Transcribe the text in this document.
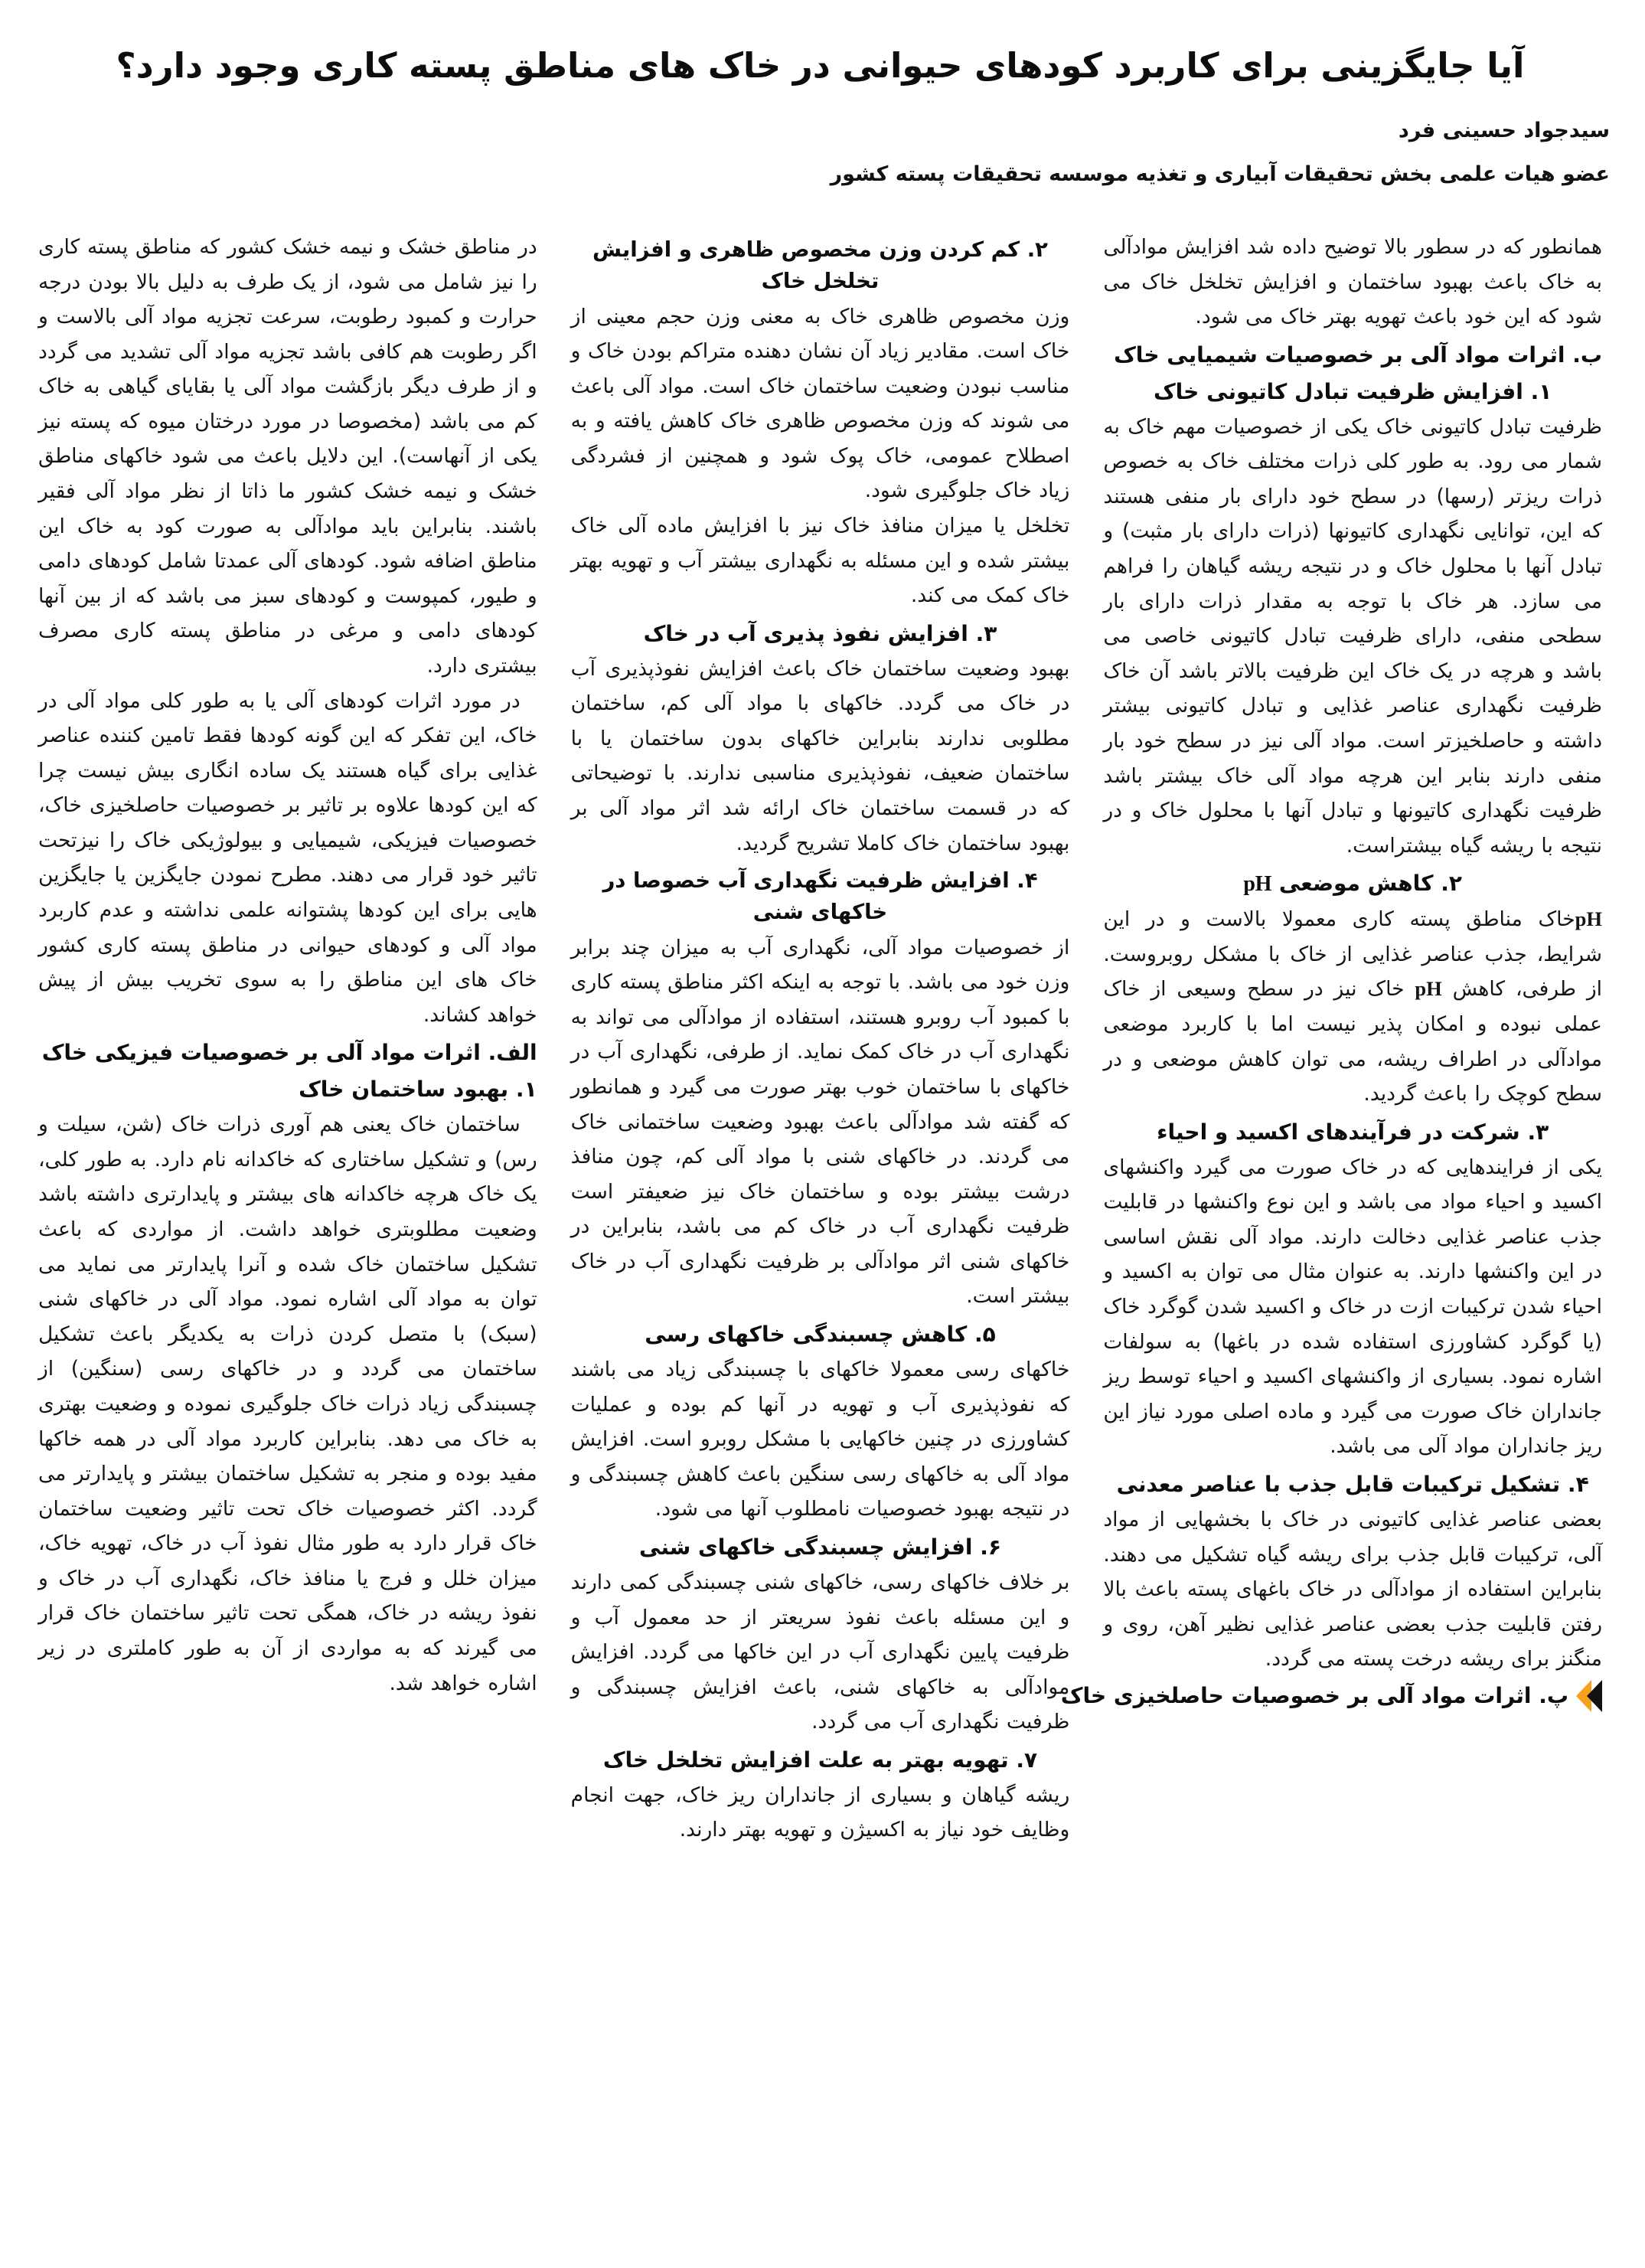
آیا جایگزینی برای کاربرد کودهای حیوانی در خاک های مناطق پسته کاری وجود دارد؟
سیدجواد حسینی فرد
عضو هیات علمی بخش تحقیقات آبیاری و تغذیه موسسه تحقیقات پسته کشور

همانطور که در سطور بالا توضیح داده شد افزایش موادآلی به خاک باعث بهبود ساختمان و افزایش تخلخل خاک می شود که این خود باعث تهویه بهتر خاک می شود.

ب. اثرات مواد آلی بر خصوصیات شیمیایی خاک
۱. افزایش ظرفیت تبادل کاتیونی خاک

ظرفیت تبادل کاتیونی خاک یکی از خصوصیات مهم خاک به شمار می رود. به طور کلی ذرات مختلف خاک به خصوص ذرات ریزتر (رسها) در سطح خود دارای بار منفی هستند که این، توانایی نگهداری کاتیونها (ذرات دارای بار مثبت) و تبادل آنها با محلول خاک و در نتیجه ریشه گیاهان را فراهم می سازد. هر خاک با توجه به مقدار ذرات دارای بار سطحی منفی، دارای ظرفیت تبادل کاتیونی خاصی می باشد و هرچه در یک خاک این ظرفیت بالاتر باشد آن خاک ظرفیت نگهداری عناصر غذایی و تبادل کاتیونی بیشتر داشته و حاصلخیزتر است. مواد آلی نیز در سطح خود بار منفی دارند بنابر این هرچه مواد آلی خاک بیشتر باشد ظرفیت نگهداری کاتیونها و تبادل آنها با محلول خاک و در نتیجه با ریشه گیاه بیشتراست.

۲. کاهش موضعی pH

pHخاک مناطق پسته کاری معمولا بالاست و در این شرایط، جذب عناصر غذایی از خاک با مشکل روبروست. از طرفی، کاهش pH خاک نیز در سطح وسیعی از خاک عملی نبوده و امکان پذیر نیست اما با کاربرد موضعی موادآلی در اطراف ریشه، می توان کاهش موضعی و در سطح کوچک را باعث گردید.

۳. شرکت در فرآیندهای اکسید و احیاء

یکی از فرایندهایی که در خاک صورت می گیرد واکنشهای اکسید و احیاء مواد می باشد و این نوع واکنشها در قابلیت جذب عناصر غذایی دخالت دارند. مواد آلی نقش اساسی در این واکنشها دارند. به عنوان مثال می توان به اکسید و احیاء شدن ترکیبات ازت در خاک و اکسید شدن گوگرد خاک (یا گوگرد کشاورزی استفاده شده در باغها) به سولفات اشاره نمود. بسیاری از واکنشهای اکسید و احیاء توسط ریز جانداران خاک صورت می گیرد و ماده اصلی مورد نیاز این ریز جانداران مواد آلی می باشد.

۴. تشکیل ترکیبات قابل جذب با عناصر معدنی

بعضی عناصر غذایی کاتیونی در خاک با بخشهایی از مواد آلی، ترکیبات قابل جذب برای ریشه گیاه تشکیل می دهند. بنابراین استفاده از موادآلی در خاک باغهای پسته باعث بالا رفتن قابلیت جذب بعضی عناصر غذایی نظیر آهن، روی و منگنز برای ریشه درخت پسته می گردد.

پ. اثرات مواد آلی بر خصوصیات حاصلخیزی خاک
۲. کم کردن وزن مخصوص ظاهری و افزایش تخلخل خاک

وزن مخصوص ظاهری خاک به معنی وزن حجم معینی از خاک است. مقادیر زیاد آن نشان دهنده متراکم بودن خاک و مناسب نبودن وضعیت ساختمان خاک است. مواد آلی باعث می شوند که وزن مخصوص ظاهری خاک کاهش یافته و به اصطلاح عمومی، خاک پوک شود و همچنین از فشردگی زیاد خاک جلوگیری شود.

تخلخل یا میزان منافذ خاک نیز با افزایش ماده آلی خاک بیشتر شده و این مسئله به نگهداری بیشتر آب و تهویه بهتر خاک کمک می کند.

۳. افزایش نفوذ پذیری آب در خاک

بهبود وضعیت ساختمان خاک باعث افزایش نفوذپذیری آب در خاک می گردد. خاکهای با مواد آلی کم، ساختمان مطلوبی ندارند بنابراین خاکهای بدون ساختمان یا با ساختمان ضعیف، نفوذپذیری مناسبی ندارند. با توضیحاتی که در قسمت ساختمان خاک ارائه شد اثر مواد آلی بر بهبود ساختمان خاک کاملا تشریح گردید.

۴. افزایش ظرفیت نگهداری آب خصوصا در خاکهای شنی

از خصوصیات مواد آلی، نگهداری آب به میزان چند برابر وزن خود می باشد. با توجه به اینکه اکثر مناطق پسته کاری با کمبود آب روبرو هستند، استفاده از موادآلی می تواند به نگهداری آب در خاک کمک نماید. از طرفی، نگهداری آب در خاکهای با ساختمان خوب بهتر صورت می گیرد و همانطور که گفته شد موادآلی باعث بهبود وضعیت ساختمانی خاک می گردند. در خاکهای شنی با مواد آلی کم، چون منافذ درشت بیشتر بوده و ساختمان خاک نیز ضعیفتر است ظرفیت نگهداری آب در خاک کم می باشد، بنابراین در خاکهای شنی اثر موادآلی بر ظرفیت نگهداری آب در خاک بیشتر است.

۵. کاهش چسبندگی خاکهای رسی

خاکهای رسی معمولا خاکهای با چسبندگی زیاد می باشند که نفوذپذیری آب و تهویه در آنها کم بوده و عملیات کشاورزی در چنین خاکهایی با مشکل روبرو است. افزایش مواد آلی به خاکهای رسی سنگین باعث کاهش چسبندگی و در نتیجه بهبود خصوصیات نامطلوب آنها می شود.

۶. افزایش چسبندگی خاکهای شنی

بر خلاف خاکهای رسی، خاکهای شنی چسبندگی کمی دارند و این مسئله باعث نفوذ سریعتر از حد معمول آب و ظرفیت پایین نگهداری آب در این خاکها می گردد. افزایش موادآلی به خاکهای شنی، باعث افزایش چسبندگی و ظرفیت نگهداری آب می گردد.

۷. تهویه بهتر به علت افزایش تخلخل خاک

ریشه گیاهان و بسیاری از جانداران ریز خاک، جهت انجام وظایف خود نیاز به اکسیژن و تهویه بهتر دارند.

در مناطق خشک و نیمه خشک کشور که مناطق پسته کاری را نیز شامل می شود، از یک طرف به دلیل بالا بودن درجه حرارت و کمبود رطوبت، سرعت تجزیه مواد آلی بالاست و اگر رطوبت هم کافی باشد تجزیه مواد آلی تشدید می گردد و از طرف دیگر بازگشت مواد آلی یا بقایای گیاهی به خاک کم می باشد (مخصوصا در مورد درختان میوه که پسته نیز یکی از آنهاست). این دلایل باعث می شود خاکهای مناطق خشک و نیمه خشک کشور ما ذاتا از نظر مواد آلی فقیر باشند. بنابراین باید موادآلی به صورت کود به خاک این مناطق اضافه شود. کودهای آلی عمدتا شامل کودهای دامی و طیور، کمپوست و کودهای سبز می باشد که از بین آنها کودهای دامی و مرغی در مناطق پسته کاری مصرف بیشتری دارد.

در مورد اثرات کودهای آلی یا به طور کلی مواد آلی در خاک، این تفکر که این گونه کودها فقط تامین کننده عناصر غذایی برای گیاه هستند یک ساده انگاری بیش نیست چرا که این کودها علاوه بر تاثیر بر خصوصیات حاصلخیزی خاک، خصوصیات فیزیکی، شیمیایی و بیولوژیکی خاک را نیزتحت تاثیر خود قرار می دهند. مطرح نمودن جایگزین یا جایگزین هایی برای این کودها پشتوانه علمی نداشته و عدم کاربرد مواد آلی و کودهای حیوانی در مناطق پسته کاری کشور خاک های این مناطق را به سوی تخریب بیش از پیش خواهد کشاند.

الف. اثرات مواد آلی بر خصوصیات فیزیکی خاک
۱. بهبود ساختمان خاک

ساختمان خاک یعنی هم آوری ذرات خاک (شن، سیلت و رس) و تشکیل ساختاری که خاکدانه نام دارد. به طور کلی، یک خاک هرچه خاکدانه های بیشتر و پایدارتری داشته باشد وضعیت مطلوبتری خواهد داشت. از مواردی که باعث تشکیل ساختمان خاک شده و آنرا پایدارتر می نماید می توان به مواد آلی اشاره نمود. مواد آلی در خاکهای شنی (سبک) با متصل کردن ذرات به یکدیگر باعث تشکیل ساختمان می گردد و در خاکهای رسی (سنگین) از چسبندگی زیاد ذرات خاک جلوگیری نموده و وضعیت بهتری به خاک می دهد. بنابراین کاربرد مواد آلی در همه خاکها مفید بوده و منجر به تشکیل ساختمان بیشتر و پایدارتر می گردد. اکثر خصوصیات خاک تحت تاثیر وضعیت ساختمان خاک قرار دارد به طور مثال نفوذ آب در خاک، تهویه خاک، میزان خلل و فرج یا منافذ خاک، نگهداری آب در خاک و نفوذ ریشه در خاک، همگی تحت تاثیر ساختمان خاک قرار می گیرند که به مواردی از آن به طور کاملتری در زیر اشاره خواهد شد.
